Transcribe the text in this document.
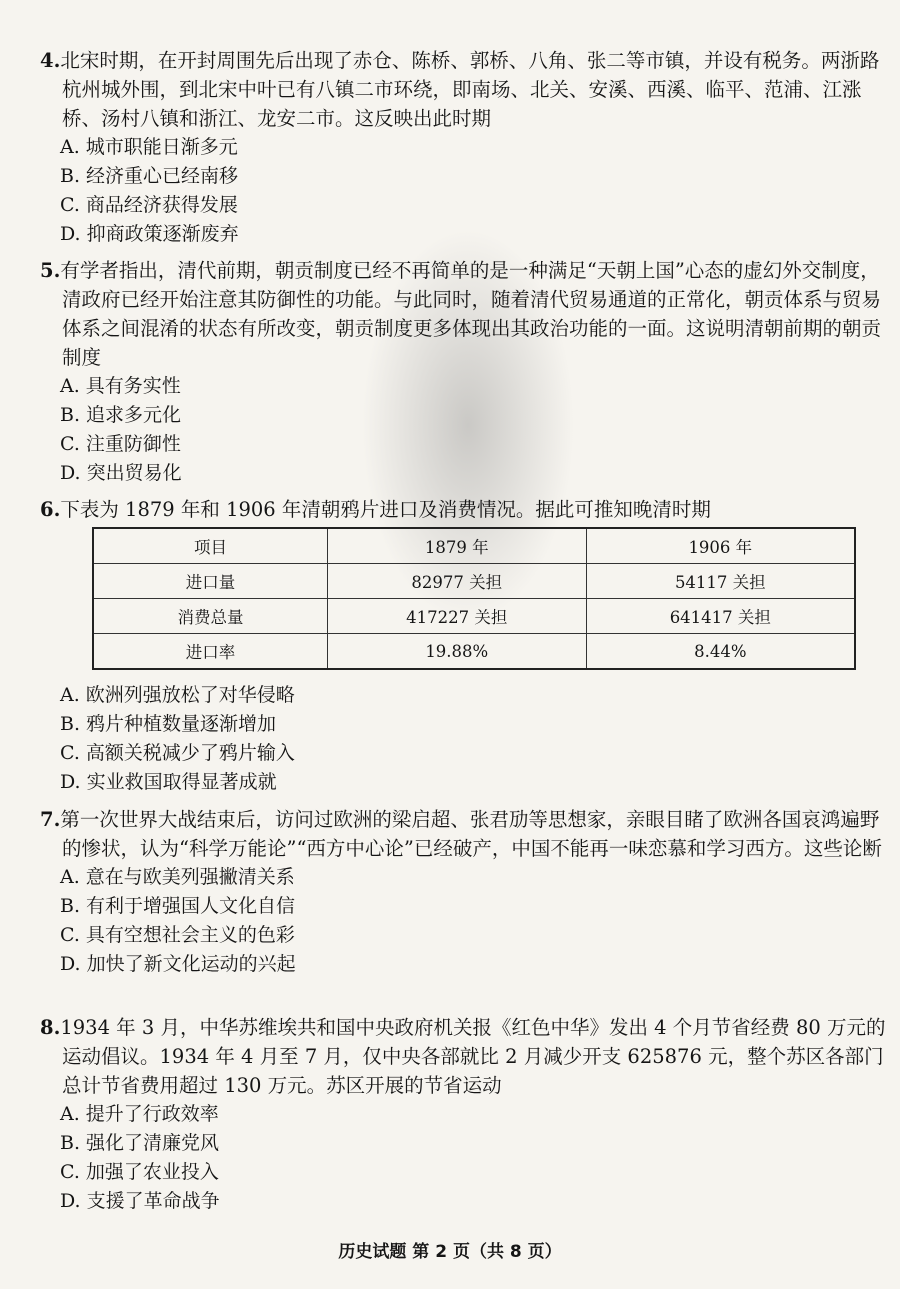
4.北宋时期，在开封周围先后出现了赤仓、陈桥、郭桥、八角、张二等市镇，并设有税务。两浙路杭州城外围，到北宋中叶已有八镇二市环绕，即南场、北关、安溪、西溪、临平、范浦、江涨桥、汤村八镇和浙江、龙安二市。这反映出此时期

A. 城市职能日渐多元

B. 经济重心已经南移

C. 商品经济获得发展

D. 抑商政策逐渐废弃

5.有学者指出，清代前期，朝贡制度已经不再简单的是一种满足“天朝上国”心态的虚幻外交制度，清政府已经开始注意其防御性的功能。与此同时，随着清代贸易通道的正常化，朝贡体系与贸易体系之间混淆的状态有所改变，朝贡制度更多体现出其政治功能的一面。这说明清朝前期的朝贡制度

A. 具有务实性

B. 追求多元化

C. 注重防御性

D. 突出贸易化

6.下表为 1879 年和 1906 年清朝鸦片进口及消费情况。据此可推知晚清时期

项目	1879 年	1906 年
进口量	82977 关担	54117 关担
消费总量	417227 关担	641417 关担
进口率	19.88%	8.44%

A. 欧洲列强放松了对华侵略

B. 鸦片种植数量逐渐增加

C. 高额关税减少了鸦片输入

D. 实业救国取得显著成就

7.第一次世界大战结束后，访问过欧洲的梁启超、张君劢等思想家，亲眼目睹了欧洲各国哀鸿遍野的惨状，认为“科学万能论”“西方中心论”已经破产，中国不能再一味恋慕和学习西方。这些论断

A. 意在与欧美列强撇清关系

B. 有利于增强国人文化自信

C. 具有空想社会主义的色彩

D. 加快了新文化运动的兴起

8.1934 年 3 月，中华苏维埃共和国中央政府机关报《红色中华》发出 4 个月节省经费 80 万元的运动倡议。1934 年 4 月至 7 月，仅中央各部就比 2 月减少开支 625876 元，整个苏区各部门总计节省费用超过 130 万元。苏区开展的节省运动

A. 提升了行政效率

B. 强化了清廉党风

C. 加强了农业投入

D. 支援了革命战争

历史试题 第 2 页（共 8 页）
